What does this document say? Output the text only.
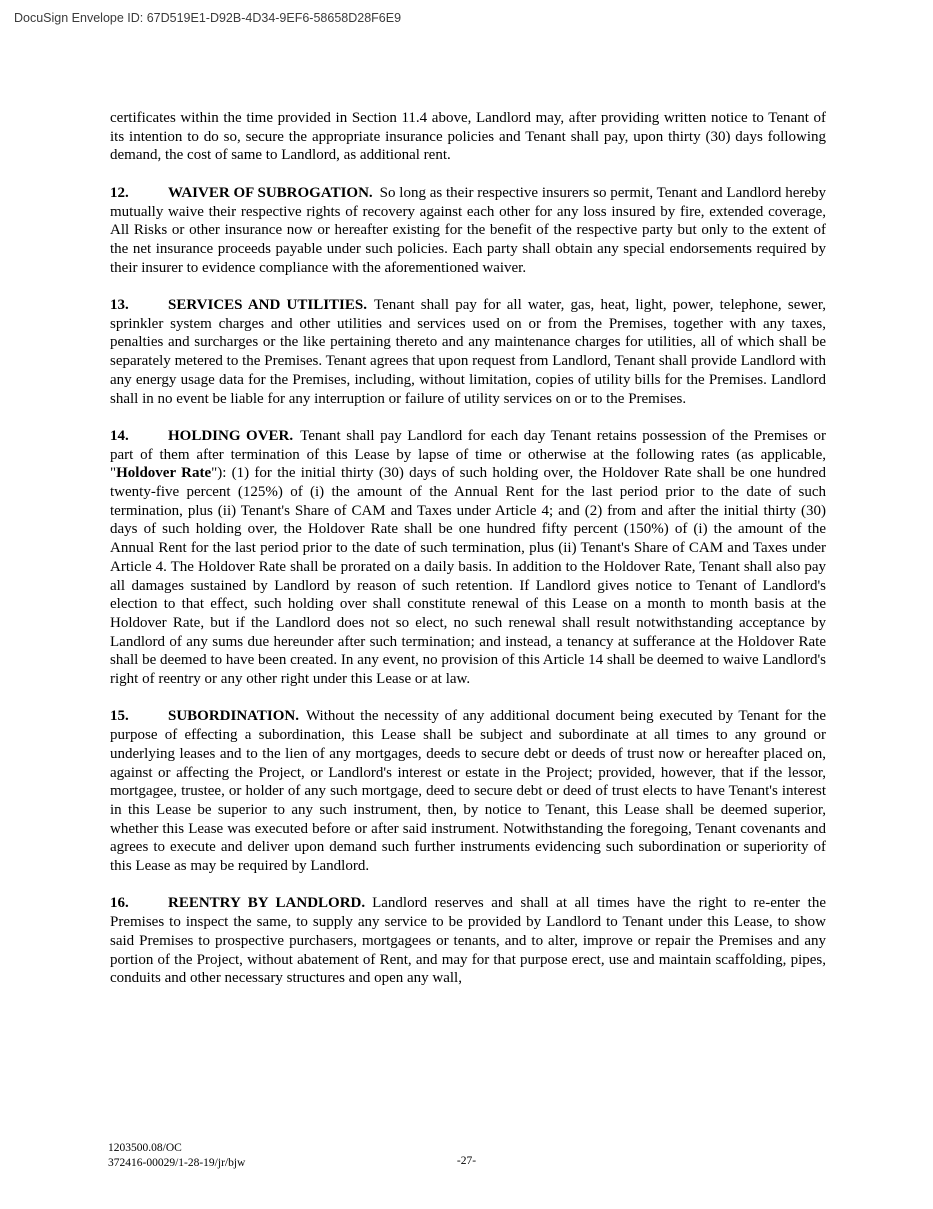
DocuSign Envelope ID: 67D519E1-D92B-4D34-9EF6-58658D28F6E9

certificates within the time provided in Section 11.4 above, Landlord may, after providing written notice to Tenant of its intention to do so, secure the appropriate insurance policies and Tenant shall pay, upon thirty (30) days following demand, the cost of same to Landlord, as additional rent.

12.	WAIVER OF SUBROGATION. So long as their respective insurers so permit, Tenant and Landlord hereby mutually waive their respective rights of recovery against each other for any loss insured by fire, extended coverage, All Risks or other insurance now or hereafter existing for the benefit of the respective party but only to the extent of the net insurance proceeds payable under such policies. Each party shall obtain any special endorsements required by their insurer to evidence compliance with the aforementioned waiver.

13.	SERVICES AND UTILITIES. Tenant shall pay for all water, gas, heat, light, power, telephone, sewer, sprinkler system charges and other utilities and services used on or from the Premises, together with any taxes, penalties and surcharges or the like pertaining thereto and any maintenance charges for utilities, all of which shall be separately metered to the Premises. Tenant agrees that upon request from Landlord, Tenant shall provide Landlord with any energy usage data for the Premises, including, without limitation, copies of utility bills for the Premises. Landlord shall in no event be liable for any interruption or failure of utility services on or to the Premises.

14.	HOLDING OVER. Tenant shall pay Landlord for each day Tenant retains possession of the Premises or part of them after termination of this Lease by lapse of time or otherwise at the following rates (as applicable, "Holdover Rate"): (1) for the initial thirty (30) days of such holding over, the Holdover Rate shall be one hundred twenty-five percent (125%) of (i) the amount of the Annual Rent for the last period prior to the date of such termination, plus (ii) Tenant's Share of CAM and Taxes under Article 4; and (2) from and after the initial thirty (30) days of such holding over, the Holdover Rate shall be one hundred fifty percent (150%) of (i) the amount of the Annual Rent for the last period prior to the date of such termination, plus (ii) Tenant's Share of CAM and Taxes under Article 4. The Holdover Rate shall be prorated on a daily basis. In addition to the Holdover Rate, Tenant shall also pay all damages sustained by Landlord by reason of such retention. If Landlord gives notice to Tenant of Landlord's election to that effect, such holding over shall constitute renewal of this Lease on a month to month basis at the Holdover Rate, but if the Landlord does not so elect, no such renewal shall result notwithstanding acceptance by Landlord of any sums due hereunder after such termination; and instead, a tenancy at sufferance at the Holdover Rate shall be deemed to have been created. In any event, no provision of this Article 14 shall be deemed to waive Landlord's right of reentry or any other right under this Lease or at law.

15.	SUBORDINATION. Without the necessity of any additional document being executed by Tenant for the purpose of effecting a subordination, this Lease shall be subject and subordinate at all times to any ground or underlying leases and to the lien of any mortgages, deeds to secure debt or deeds of trust now or hereafter placed on, against or affecting the Project, or Landlord's interest or estate in the Project; provided, however, that if the lessor, mortgagee, trustee, or holder of any such mortgage, deed to secure debt or deed of trust elects to have Tenant's interest in this Lease be superior to any such instrument, then, by notice to Tenant, this Lease shall be deemed superior, whether this Lease was executed before or after said instrument. Notwithstanding the foregoing, Tenant covenants and agrees to execute and deliver upon demand such further instruments evidencing such subordination or superiority of this Lease as may be required by Landlord.

16.	REENTRY BY LANDLORD. Landlord reserves and shall at all times have the right to re-enter the Premises to inspect the same, to supply any service to be provided by Landlord to Tenant under this Lease, to show said Premises to prospective purchasers, mortgagees or tenants, and to alter, improve or repair the Premises and any portion of the Project, without abatement of Rent, and may for that purpose erect, use and maintain scaffolding, pipes, conduits and other necessary structures and open any wall,

1203500.08/OC
372416-00029/1-28-19/jr/bjw	-27-
